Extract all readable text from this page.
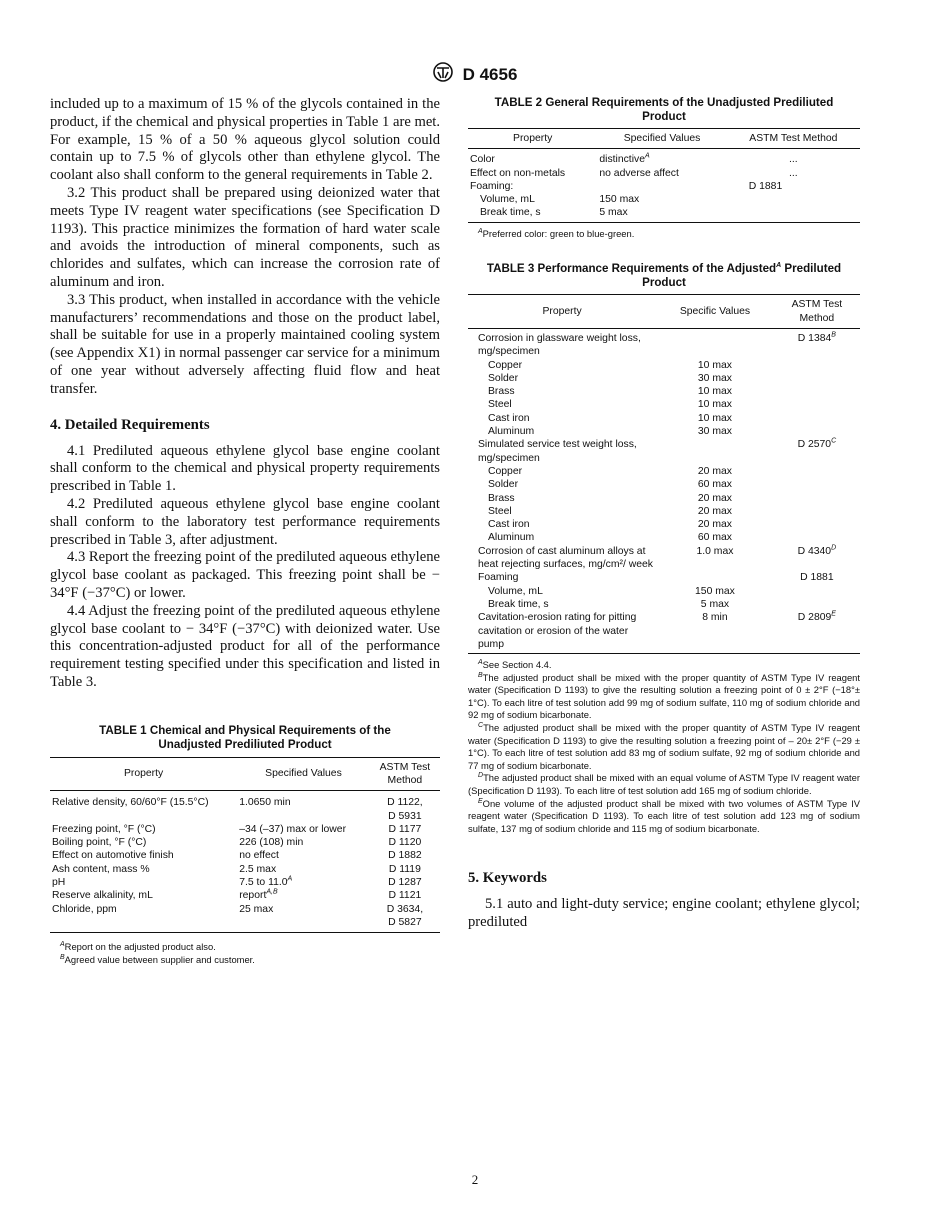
D 4656

included up to a maximum of 15 % of the glycols contained in the product, if the chemical and physical properties in Table 1 are met. For example, 15 % of a 50 % aqueous glycol solution could contain up to 7.5 % of glycols other than ethylene glycol. The coolant also shall conform to the general requirements in Table 2.

3.2 This product shall be prepared using deionized water that meets Type IV reagent water specifications (see Specification D 1193). This practice minimizes the formation of hard water scale and avoids the introduction of mineral components, such as chlorides and sulfates, which can increase the corrosion rate of aluminum and iron.

3.3 This product, when installed in accordance with the vehicle manufacturers’ recommendations and those on the product label, shall be suitable for use in a properly maintained cooling system (see Appendix X1) in normal passenger car service for a minimum of one year without adversely affecting fluid flow and heat transfer.

4. Detailed Requirements

4.1 Prediluted aqueous ethylene glycol base engine coolant shall conform to the chemical and physical property requirements prescribed in Table 1.

4.2 Prediluted aqueous ethylene glycol base engine coolant shall conform to the laboratory test performance requirements prescribed in Table 3, after adjustment.

4.3 Report the freezing point of the prediluted aqueous ethylene glycol base coolant as packaged. This freezing point shall be − 34°F (−37°C) or lower.

4.4 Adjust the freezing point of the prediluted aqueous ethylene glycol base coolant to − 34°F (−37°C) with deionized water. Use this concentration-adjusted product for all of the performance requirement testing specified under this specification and listed in Table 3.

TABLE 1 Chemical and Physical Requirements of the Unadjusted Prediliuted Product
Property	Specified Values	ASTM Test Method

Relative density, 60/60°F (15.5°C)	1.0650 min	D 1122,
D 5931
Freezing point, °F (°C)	–34 (–37) max or lower	D 1177
Boiling point, °F (°C)	226 (108) min	D 1120
Effect on automotive finish	no effect	D 1882
Ash content, mass %	2.5 max	D 1119
pH	7.5 to $11.0^A$	D 1287
Reserve alkalinity, mL	report$^{A,B}$	D 1121
Chloride, ppm	25 max	D 3634,
D 5827

$^A$Report on the adjusted product also.

$^B$Agreed value between supplier and customer.

TABLE 2 General Requirements of the Unadjusted Prediliuted Product
Property	Specified Values	ASTM Test Method

Color	distinctive$^A$	...
Effect on non-metals	no adverse affect	...
Foaming:		D 1881
Volume, mL	150 max	
Break time, s	5 max	

$^A$Preferred color: green to blue-green.

TABLE 3 Performance Requirements of the Adjusted$^A$ Prediluted Product
Property	Specific Values	ASTM Test Method

Corrosion in glassware weight loss, mg/specimen		D $1384^B$
Copper	10 max	
Solder	30 max	
Brass	10 max	
Steel	10 max	
Cast iron	10 max	
Aluminum	30 max	
Simulated service test weight loss, mg/specimen		D $2570^C$
Copper	20 max	
Solder	60 max	
Brass	20 max	
Steel	20 max	
Cast iron	20 max	
Aluminum	60 max	
Corrosion of cast aluminum alloys at heat rejecting surfaces, mg/cm²/ week	1.0 max	D $4340^D$
Foaming		D 1881
Volume, mL	150 max	
Break time, s	5 max	
Cavitation-erosion rating for pitting cavitation or erosion of the water pump	8 min	D $2809^E$

$^A$See Section 4.4.

$^B$The adjusted product shall be mixed with the proper quantity of ASTM Type IV reagent water (Specification D 1193) to give the resulting solution a freezing point of 0 ± 2°F (−18°± 1°C). To each litre of test solution add 99 mg of sodium sulfate, 110 mg of sodium chloride and 92 mg of sodium bicarbonate.

$^C$The adjusted product shall be mixed with the proper quantity of ASTM Type IV reagent water (Specification D 1193) to give the resulting solution a freezing point of – 20± 2°F (−29 ± 1°C). To each litre of test solution add 83 mg of sodium sulfate, 92 mg of sodium chloride and 77 mg of sodium bicarbonate.

$^D$The adjusted product shall be mixed with an equal volume of ASTM Type IV reagent water (Specification D 1193). To each litre of test solution add 165 mg of sodium chloride.

$^E$One volume of the adjusted product shall be mixed with two volumes of ASTM Type IV reagent water (Specification D 1193). To each litre of test solution add 123 mg of sodium sulfate, 137 mg of sodium chloride and 115 mg of sodium bicarbonate.

5. Keywords

5.1 auto and light-duty service; engine coolant; ethylene glycol; prediluted

2
